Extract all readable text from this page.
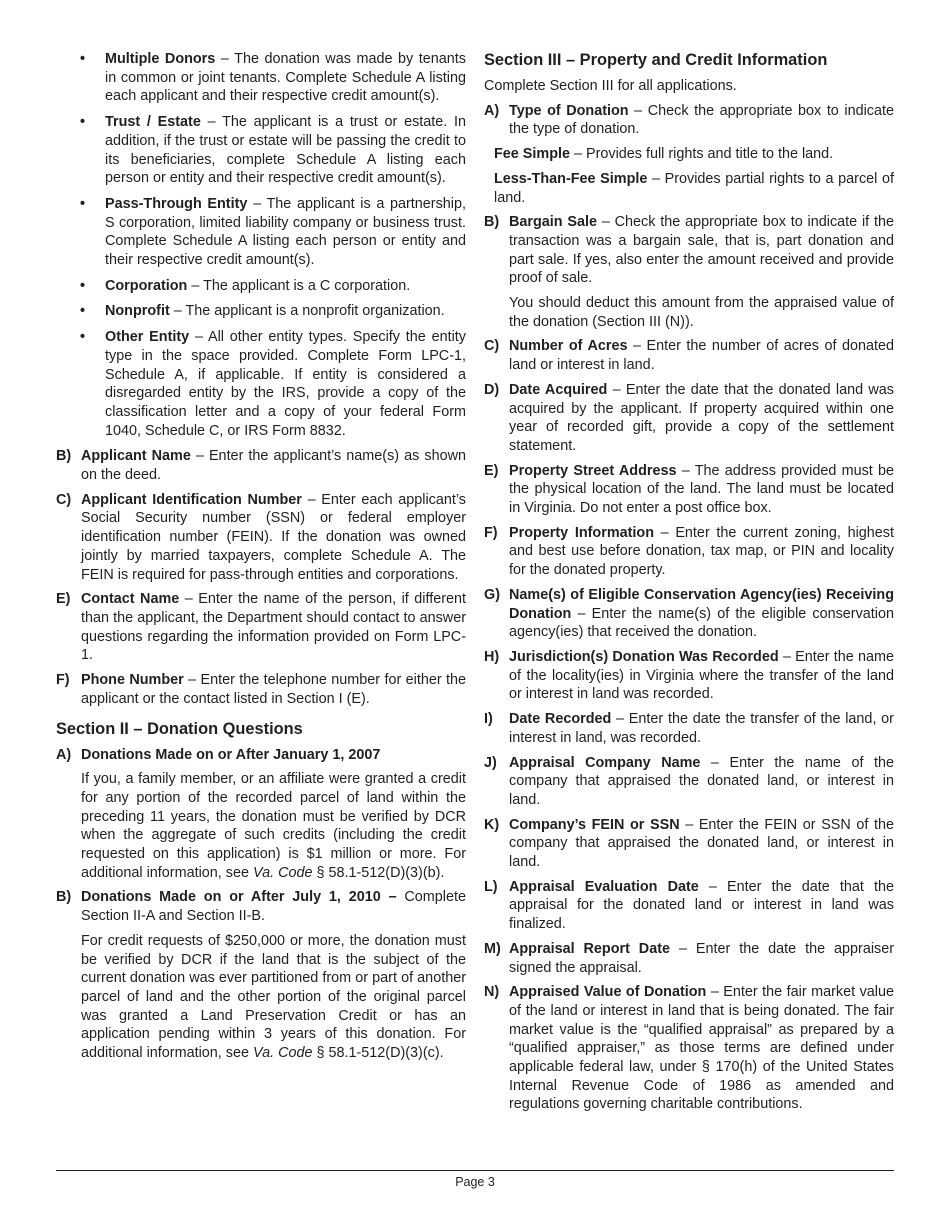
•	Multiple Donors – The donation was made by tenants in common or joint tenants. Complete Schedule A listing each applicant and their respective credit amount(s).
•	Trust / Estate – The applicant is a trust or estate. In addition, if the trust or estate will be passing the credit to its beneficiaries, complete Schedule A listing each person or entity and their respective credit amount(s).
•	Pass-Through Entity – The applicant is a partnership, S corporation, limited liability company or business trust. Complete Schedule A listing each person or entity and their respective credit amount(s).
•	Corporation – The applicant is a C corporation.
•	Nonprofit – The applicant is a nonprofit organization.
•	Other Entity – All other entity types. Specify the entity type in the space provided. Complete Form LPC-1, Schedule A, if applicable. If entity is considered a disregarded entity by the IRS, provide a copy of the classification letter and a copy of your federal Form 1040, Schedule C, or IRS Form 8832.
B) Applicant Name – Enter the applicant’s name(s) as shown on the deed.

C) Applicant Identification Number – Enter each applicant’s Social Security number (SSN) or federal employer identification number (FEIN). If the donation was owned jointly by married taxpayers, complete Schedule A. The FEIN is required for pass-through entities and corporations.

E) Contact Name – Enter the name of the person, if different than the applicant, the Department should contact to answer questions regarding the information provided on Form LPC-1.

F) Phone Number – Enter the telephone number for either the applicant or the contact listed in Section I (E).

Section II – Donation Questions
A) Donations Made on or After January 1, 2007

If you, a family member, or an affiliate were granted a credit for any portion of the recorded parcel of land within the preceding 11 years, the donation must be verified by DCR when the aggregate of such credits (including the credit requested on this application) is $1 million or more. For additional information, see Va. Code § 58.1-512(D)(3)(b).

B) Donations Made on or After July 1, 2010 – Complete Section II-A and Section II-B.

For credit requests of $250,000 or more, the donation must be verified by DCR if the land that is the subject of the current donation was ever partitioned from or part of another parcel of land and the other portion of the original parcel was granted a Land Preservation Credit or has an application pending within 3 years of this donation. For additional information, see Va. Code § 58.1-512(D)(3)(c).

Section III – Property and Credit Information

Complete Section III for all applications.

A) Type of Donation – Check the appropriate box to indicate the type of donation.

Fee Simple – Provides full rights and title to the land.

Less-Than-Fee Simple – Provides partial rights to a parcel of land.

B) Bargain Sale – Check the appropriate box to indicate if the transaction was a bargain sale, that is, part donation and part sale. If yes, also enter the amount received and provide proof of sale.

You should deduct this amount from the appraised value of the donation (Section III (N)).

C) Number of Acres – Enter the number of acres of donated land or interest in land.

D) Date Acquired – Enter the date that the donated land was acquired by the applicant. If property acquired within one year of recorded gift, provide a copy of the settlement statement.

E) Property Street Address – The address provided must be the physical location of the land. The land must be located in Virginia. Do not enter a post office box.

F) Property Information – Enter the current zoning, highest and best use before donation, tax map, or PIN and locality for the donated property.

G) Name(s) of Eligible Conservation Agency(ies) Receiving Donation – Enter the name(s) of the eligible conservation agency(ies) that received the donation.

H) Jurisdiction(s) Donation Was Recorded – Enter the name of the locality(ies) in Virginia where the transfer of the land or interest in land was recorded.

I)	Date Recorded – Enter the date the transfer of the land, or interest in land, was recorded.

J) Appraisal Company Name – Enter the name of the company that appraised the donated land, or interest in land.

K) Company’s FEIN or SSN – Enter the FEIN or SSN of the company that appraised the donated land, or interest in land.

L) Appraisal Evaluation Date – Enter the date that the appraisal for the donated land or interest in land was finalized.

M) Appraisal Report Date – Enter the date the appraiser signed the appraisal.

N) Appraised Value of Donation – Enter the fair market value of the land or interest in land that is being donated. The fair market value is the “qualified appraisal” as prepared by a “qualified appraiser,” as those terms are defined under applicable federal law, under § 170(h) of the United States Internal Revenue Code of 1986 as amended and regulations governing charitable contributions.

Page 3
